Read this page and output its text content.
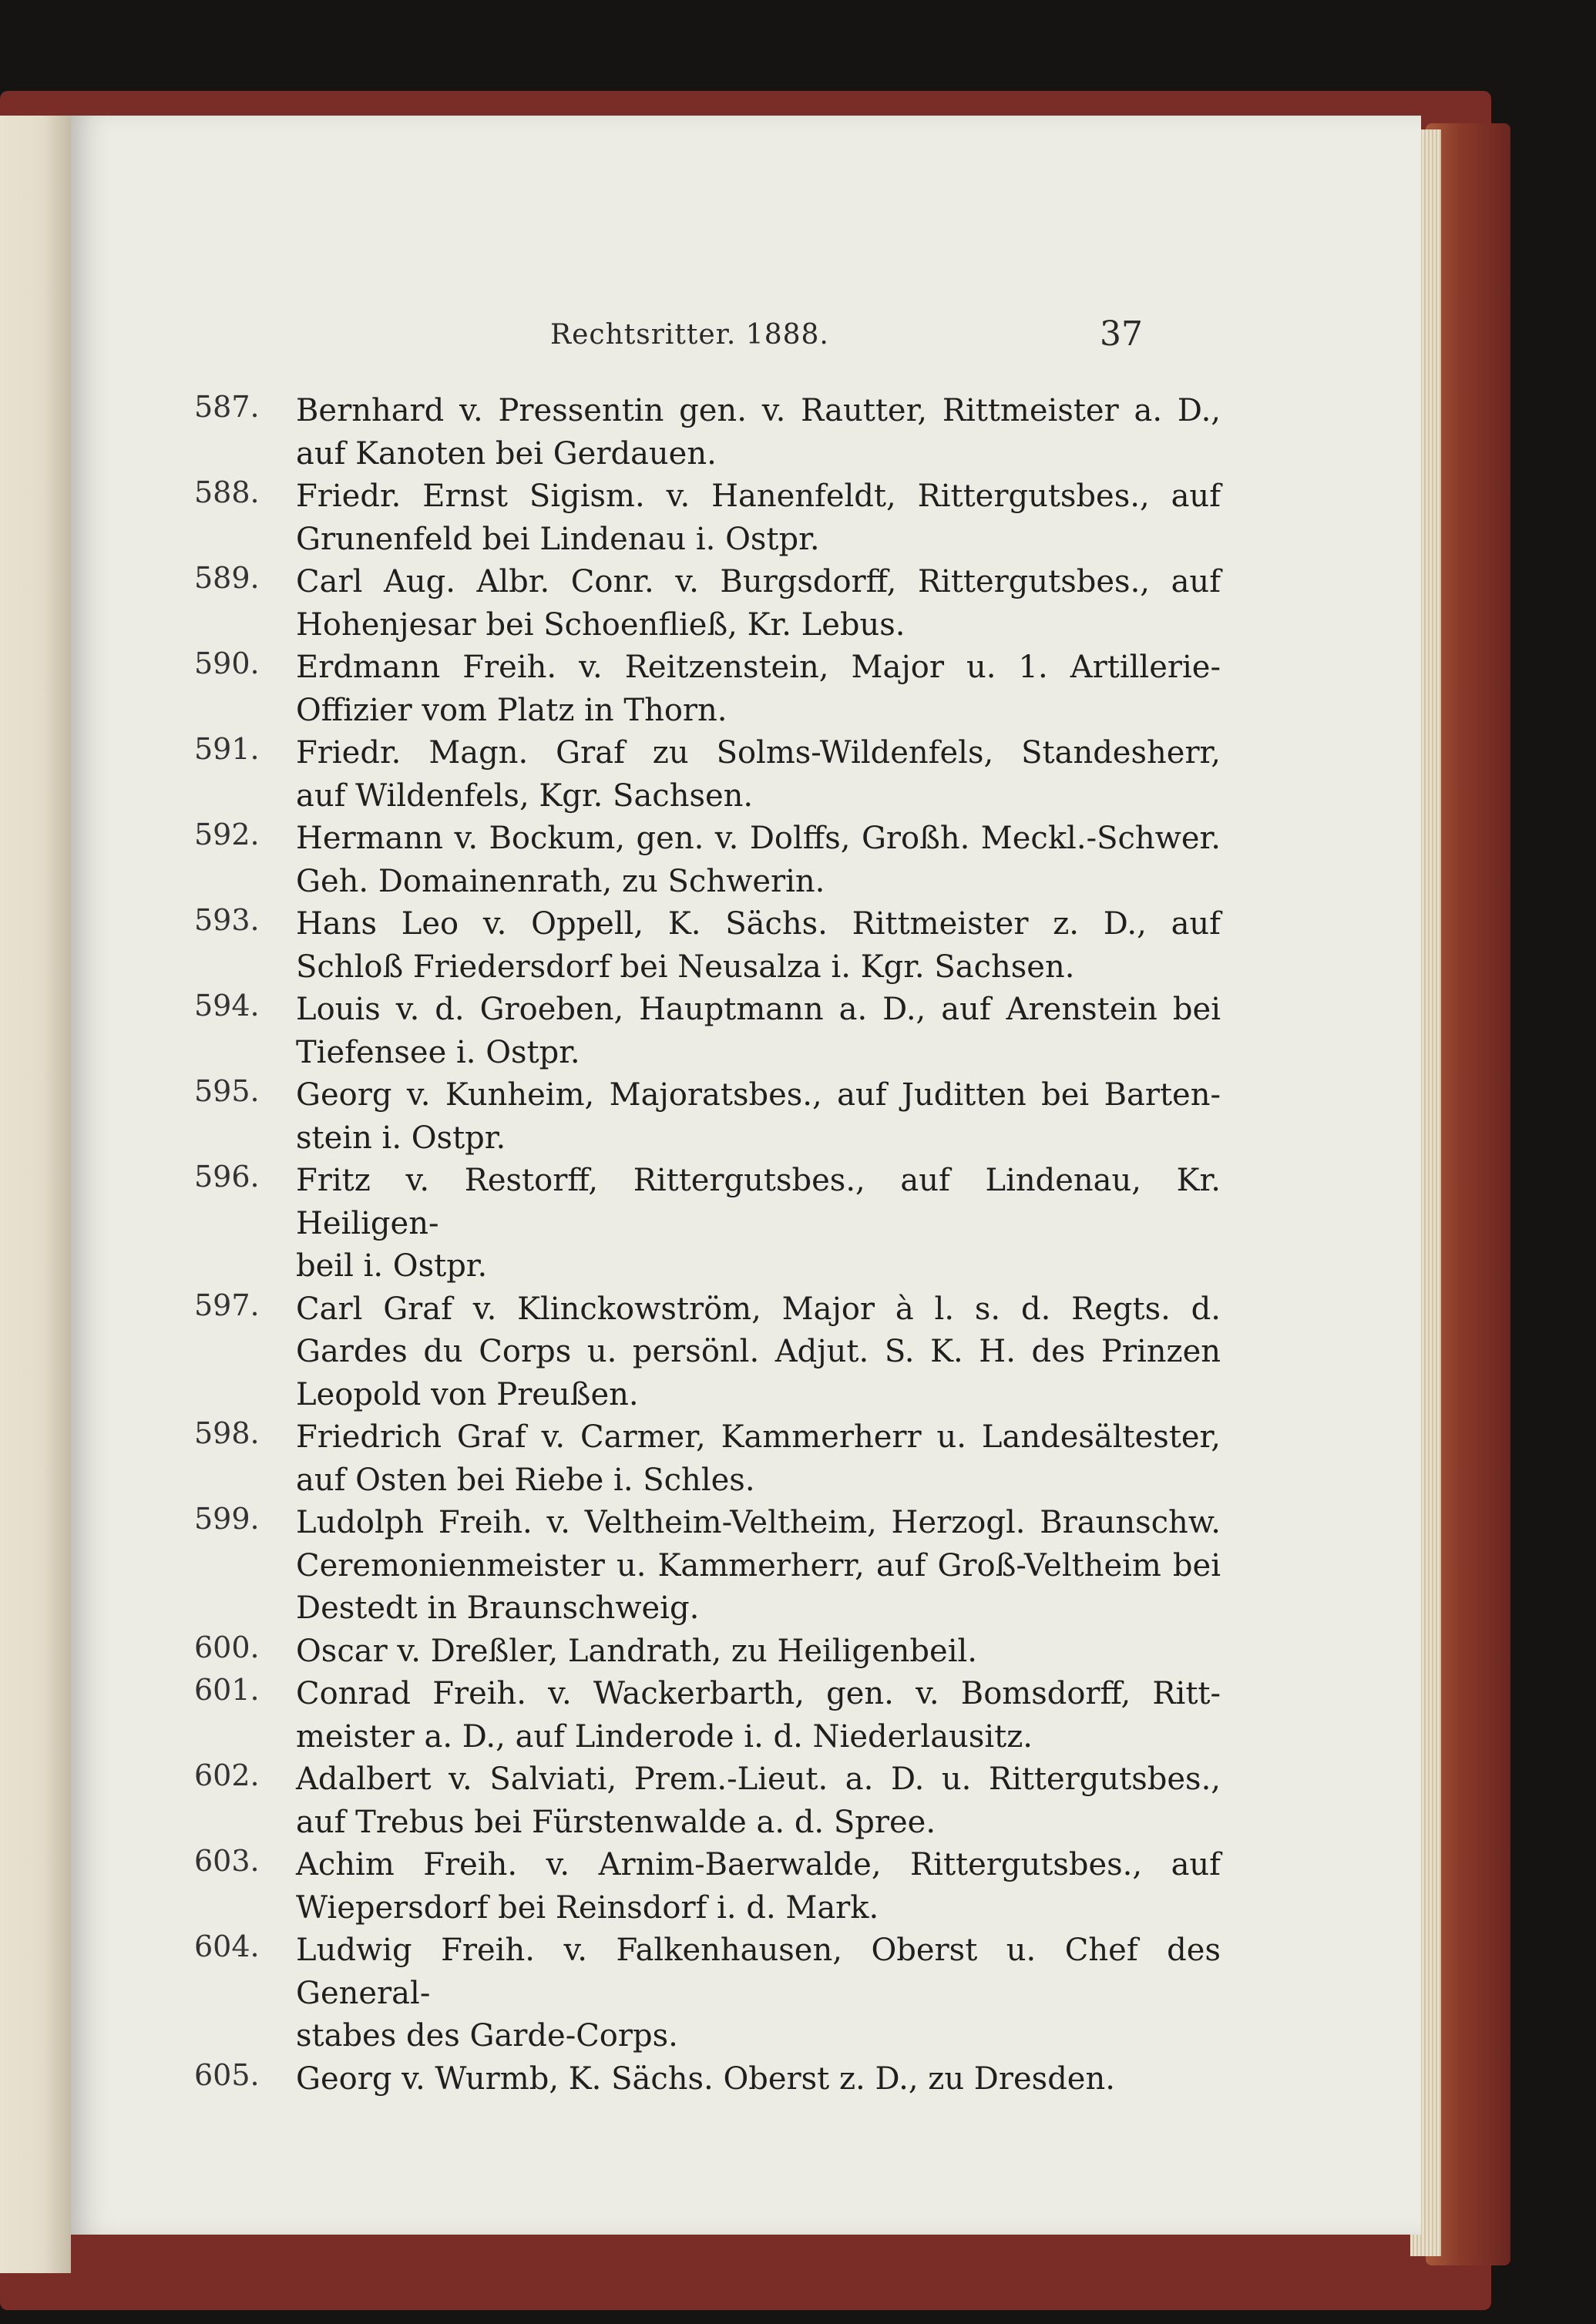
Rechtsritter. 1888.	37
587. Bernhard v. Pressentin gen. v. Rautter, Rittmeister a. D.,
auf Kanoten bei Gerdauen.
588. Friedr. Ernst Sigism. v. Hanenfeldt, Rittergutsbes., auf
Grunenfeld bei Lindenau i. Ostpr.
589. Carl Aug. Albr. Conr. v. Burgsdorff, Rittergutsbes., auf
Hohenjesar bei Schoenfließ, Kr. Lebus.
590. Erdmann Freih. v. Reitzenstein, Major u. 1. Artillerie-
Offizier vom Platz in Thorn.
591. Friedr. Magn. Graf zu Solms-Wildenfels, Standesherr,
auf Wildenfels, Kgr. Sachsen.
592. Hermann v. Bockum, gen. v. Dolffs, Großh. Meckl.-Schwer.
Geh. Domainenrath, zu Schwerin.
593. Hans Leo v. Oppell, K. Sächs. Rittmeister z. D., auf
Schloß Friedersdorf bei Neusalza i. Kgr. Sachsen.
594. Louis v. d. Groeben, Hauptmann a. D., auf Arenstein bei
Tiefensee i. Ostpr.
595. Georg v. Kunheim, Majoratsbes., auf Juditten bei Barten-
stein i. Ostpr.
596. Fritz v. Restorff, Rittergutsbes., auf Lindenau, Kr. Heiligen-
beil i. Ostpr.
597. Carl Graf v. Klinckowström, Major à l. s. d. Regts. d.
Gardes du Corps u. persönl. Adjut. S. K. H. des Prinzen
Leopold von Preußen.
598. Friedrich Graf v. Carmer, Kammerherr u. Landesältester,
auf Osten bei Riebe i. Schles.
599. Ludolph Freih. v. Veltheim-Veltheim, Herzogl. Braunschw.
Ceremonienmeister u. Kammerherr, auf Groß-Veltheim bei
Destedt in Braunschweig.
600. Oscar v. Dreßler, Landrath, zu Heiligenbeil.
601. Conrad Freih. v. Wackerbarth, gen. v. Bomsdorff, Ritt-
meister a. D., auf Linderode i. d. Niederlausitz.
602. Adalbert v. Salviati, Prem.-Lieut. a. D. u. Rittergutsbes.,
auf Trebus bei Fürstenwalde a. d. Spree.
603. Achim Freih. v. Arnim-Baerwalde, Rittergutsbes., auf
Wiepersdorf bei Reinsdorf i. d. Mark.
604. Ludwig Freih. v. Falkenhausen, Oberst u. Chef des General-
stabes des Garde-Corps.
605. Georg v. Wurmb, K. Sächs. Oberst z. D., zu Dresden.
